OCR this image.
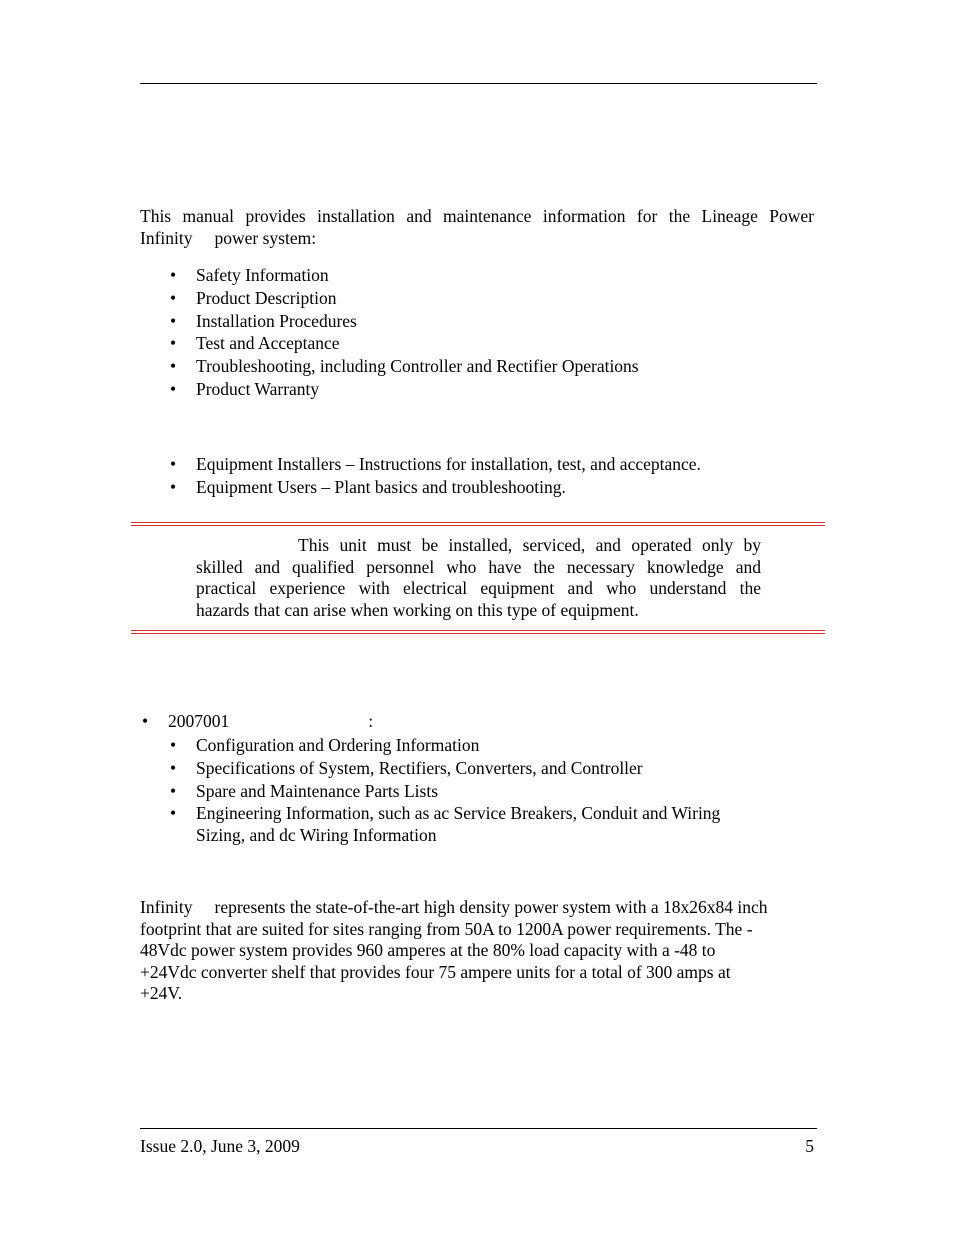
This manual provides installation and maintenance information for the Lineage Power
Infinity power system:
• Safety Information
• Product Description
• Installation Procedures
• Test and Acceptance
• Troubleshooting, including Controller and Rectifier Operations
• Product Warranty
• Equipment Installers – Instructions for installation, test, and acceptance.
• Equipment Users – Plant basics and troubleshooting.
This unit must be installed, serviced, and operated only by
skilled and qualified personnel who have the necessary knowledge and
practical experience with electrical equipment and who understand the
hazards that can arise when working on this type of equipment.
• 2007001	:
• Configuration and Ordering Information
• Specifications of System, Rectifiers, Converters, and Controller
• Spare and Maintenance Parts Lists
• Engineering Information, such as ac Service Breakers, Conduit and Wiring
Sizing, and dc Wiring Information
Infinity represents the state-of-the-art high density power system with a 18x26x84 inch
footprint that are suited for sites ranging from 50A to 1200A power requirements. The -
48Vdc power system provides 960 amperes at the 80% load capacity with a -48 to
+24Vdc converter shelf that provides four 75 ampere units for a total of 300 amps at
+24V.
Issue 2.0, June 3, 2009	5
